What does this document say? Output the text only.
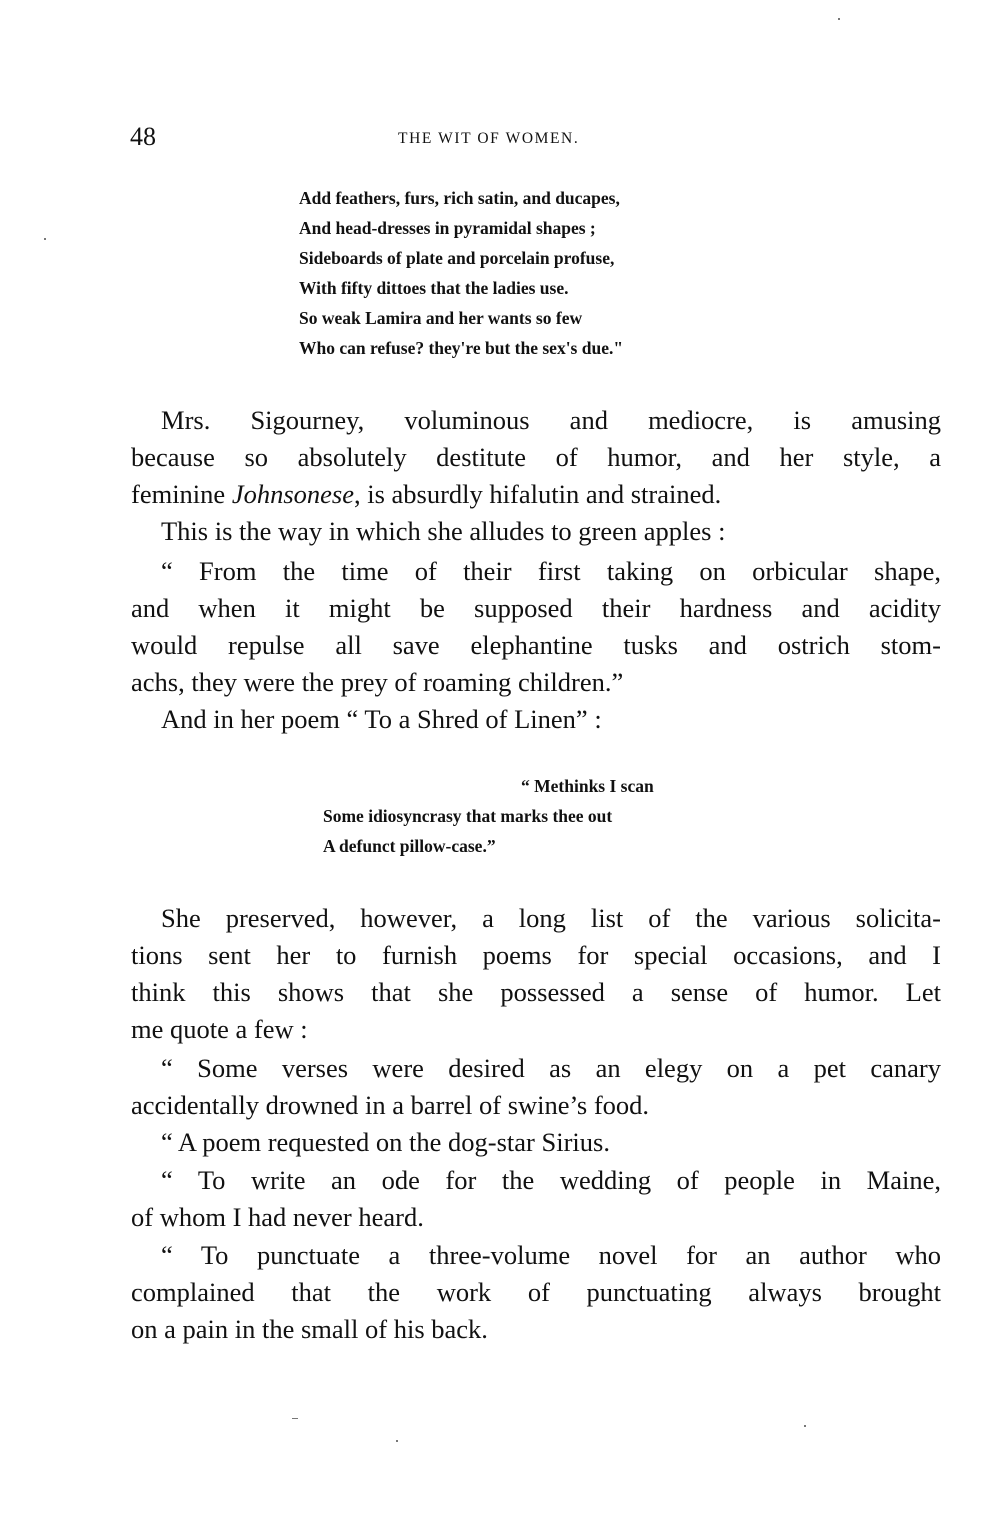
48	THE WIT OF WOMEN.
Add feathers, furs, rich satin, and ducapes,
And head-dresses in pyramidal shapes ;
Sideboards of plate and porcelain profuse,
With fifty dittoes that the ladies use.
So weak Lamira and her wants so few
Who can refuse? they're but the sex's due."
Mrs. Sigourney, voluminous and mediocre, is amusing
because so absolutely destitute of humor, and her style, a
feminine Johnsonese, is absurdly hifalutin and strained.
This is the way in which she alludes to green apples :
“ From the time of their first taking on orbicular shape,
and when it might be supposed their hardness and acidity
would repulse all save elephantine tusks and ostrich stom-
achs, they were the prey of roaming children.”
And in her poem “ To a Shred of Linen” :
“ Methinks I scan
Some idiosyncrasy that marks thee out
A defunct pillow-case.”
She preserved, however, a long list of the various solicita-
tions sent her to furnish poems for special occasions, and I
think this shows that she possessed a sense of humor. Let
me quote a few :
“ Some verses were desired as an elegy on a pet canary
accidentally drowned in a barrel of swine’s food.
“ A poem requested on the dog-star Sirius.
“ To write an ode for the wedding of people in Maine,
of whom I had never heard.
“ To punctuate a three-volume novel for an author who
complained that the work of punctuating always brought
on a pain in the small of his back.
